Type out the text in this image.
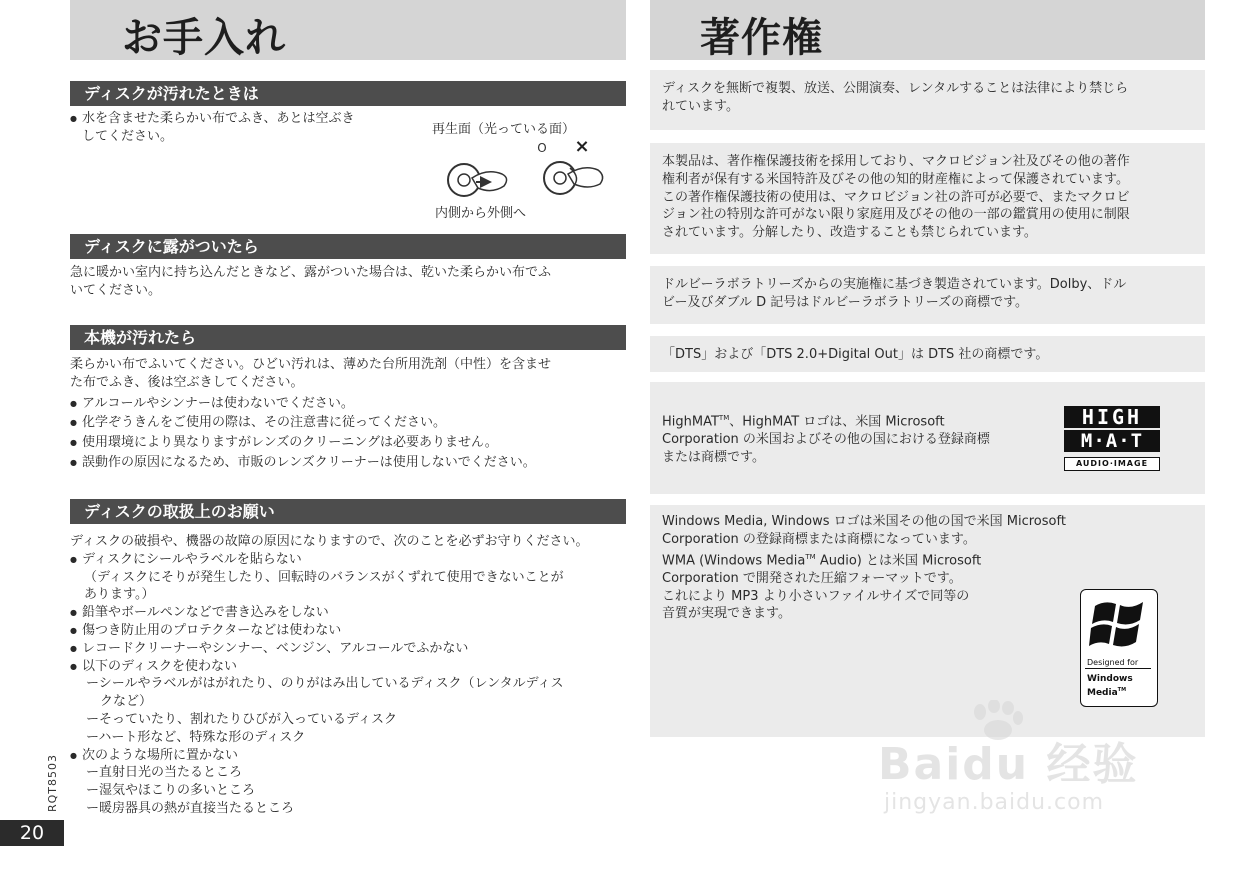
お手入れ
ディスクが汚れたときは
● 水を含ませた柔らかい布でふき、あとは空ぶき
してください。	再生面（光っている面）
O ×
内側から外側へ
ディスクに露がついたら
急に暖かい室内に持ち込んだときなど、露がついた場合は、乾いた柔らかい布でふ
いてください。
本機が汚れたら
柔らかい布でふいてください。ひどい汚れは、薄めた台所用洗剤（中性）を含ませ
た布でふき、後は空ぶきしてください。
● アルコールやシンナーは使わないでください。
● 化学ぞうきんをご使用の際は、その注意書に従ってください。
● 使用環境により異なりますがレンズのクリーニングは必要ありません。
● 誤動作の原因になるため、市販のレンズクリーナーは使用しないでください。
ディスクの取扱上のお願い
ディスクの破損や、機器の故障の原因になりますので、次のことを必ずお守りください。
● ディスクにシールやラベルを貼らない
（ディスクにそりが発生したり、回転時のバランスがくずれて使用できないことが
あります。）
● 鉛筆やボールペンなどで書き込みをしない
● 傷つき防止用のプロテクターなどは使わない
● レコードクリーナーやシンナー、ベンジン、アルコールでふかない
● 以下のディスクを使わない
ーシールやラベルがはがれたり、のりがはみ出しているディスク（レンタルディス
クなど）
ーそっていたり、割れたりひびが入っているディスク
ーハート形など、特殊な形のディスク
● 次のような場所に置かない
ー直射日光の当たるところ
ー湿気やほこりの多いところ
ー暖房器具の熱が直接当たるところ
RQT8503
20
著作権
ディスクを無断で複製、放送、公開演奏、レンタルすることは法律により禁じら
れています。
本製品は、著作権保護技術を採用しており、マクロビジョン社及びその他の著作
権利者が保有する米国特許及びその他の知的財産権によって保護されています。
この著作権保護技術の使用は、マクロビジョン社の許可が必要で、またマクロビ
ジョン社の特別な許可がない限り家庭用及びその他の一部の鑑賞用の使用に制限
されています。分解したり、改造することも禁じられています。
ドルビーラボラトリーズからの実施権に基づき製造されています。Dolby、ドル
ビー及びダブル D 記号はドルビーラボラトリーズの商標です。
「DTS」および「DTS 2.0+Digital Out」は DTS 社の商標です。
HighMAT™、HighMAT ロゴは、米国 Microsoft
Corporation の米国およびその他の国における登録商標
または商標です。
HIGH
M·A·T
AUDIO·IMAGE
Windows Media, Windows ロゴは米国その他の国で米国 Microsoft
Corporation の登録商標または商標になっています。
WMA (Windows Media™ Audio) とは米国 Microsoft
Corporation で開発された圧縮フォーマットです。
これにより MP3 より小さいファイルサイズで同等の
音質が実現できます。
Designed for
Windows
Media™
Baidu 经验
jingyan.baidu.com
